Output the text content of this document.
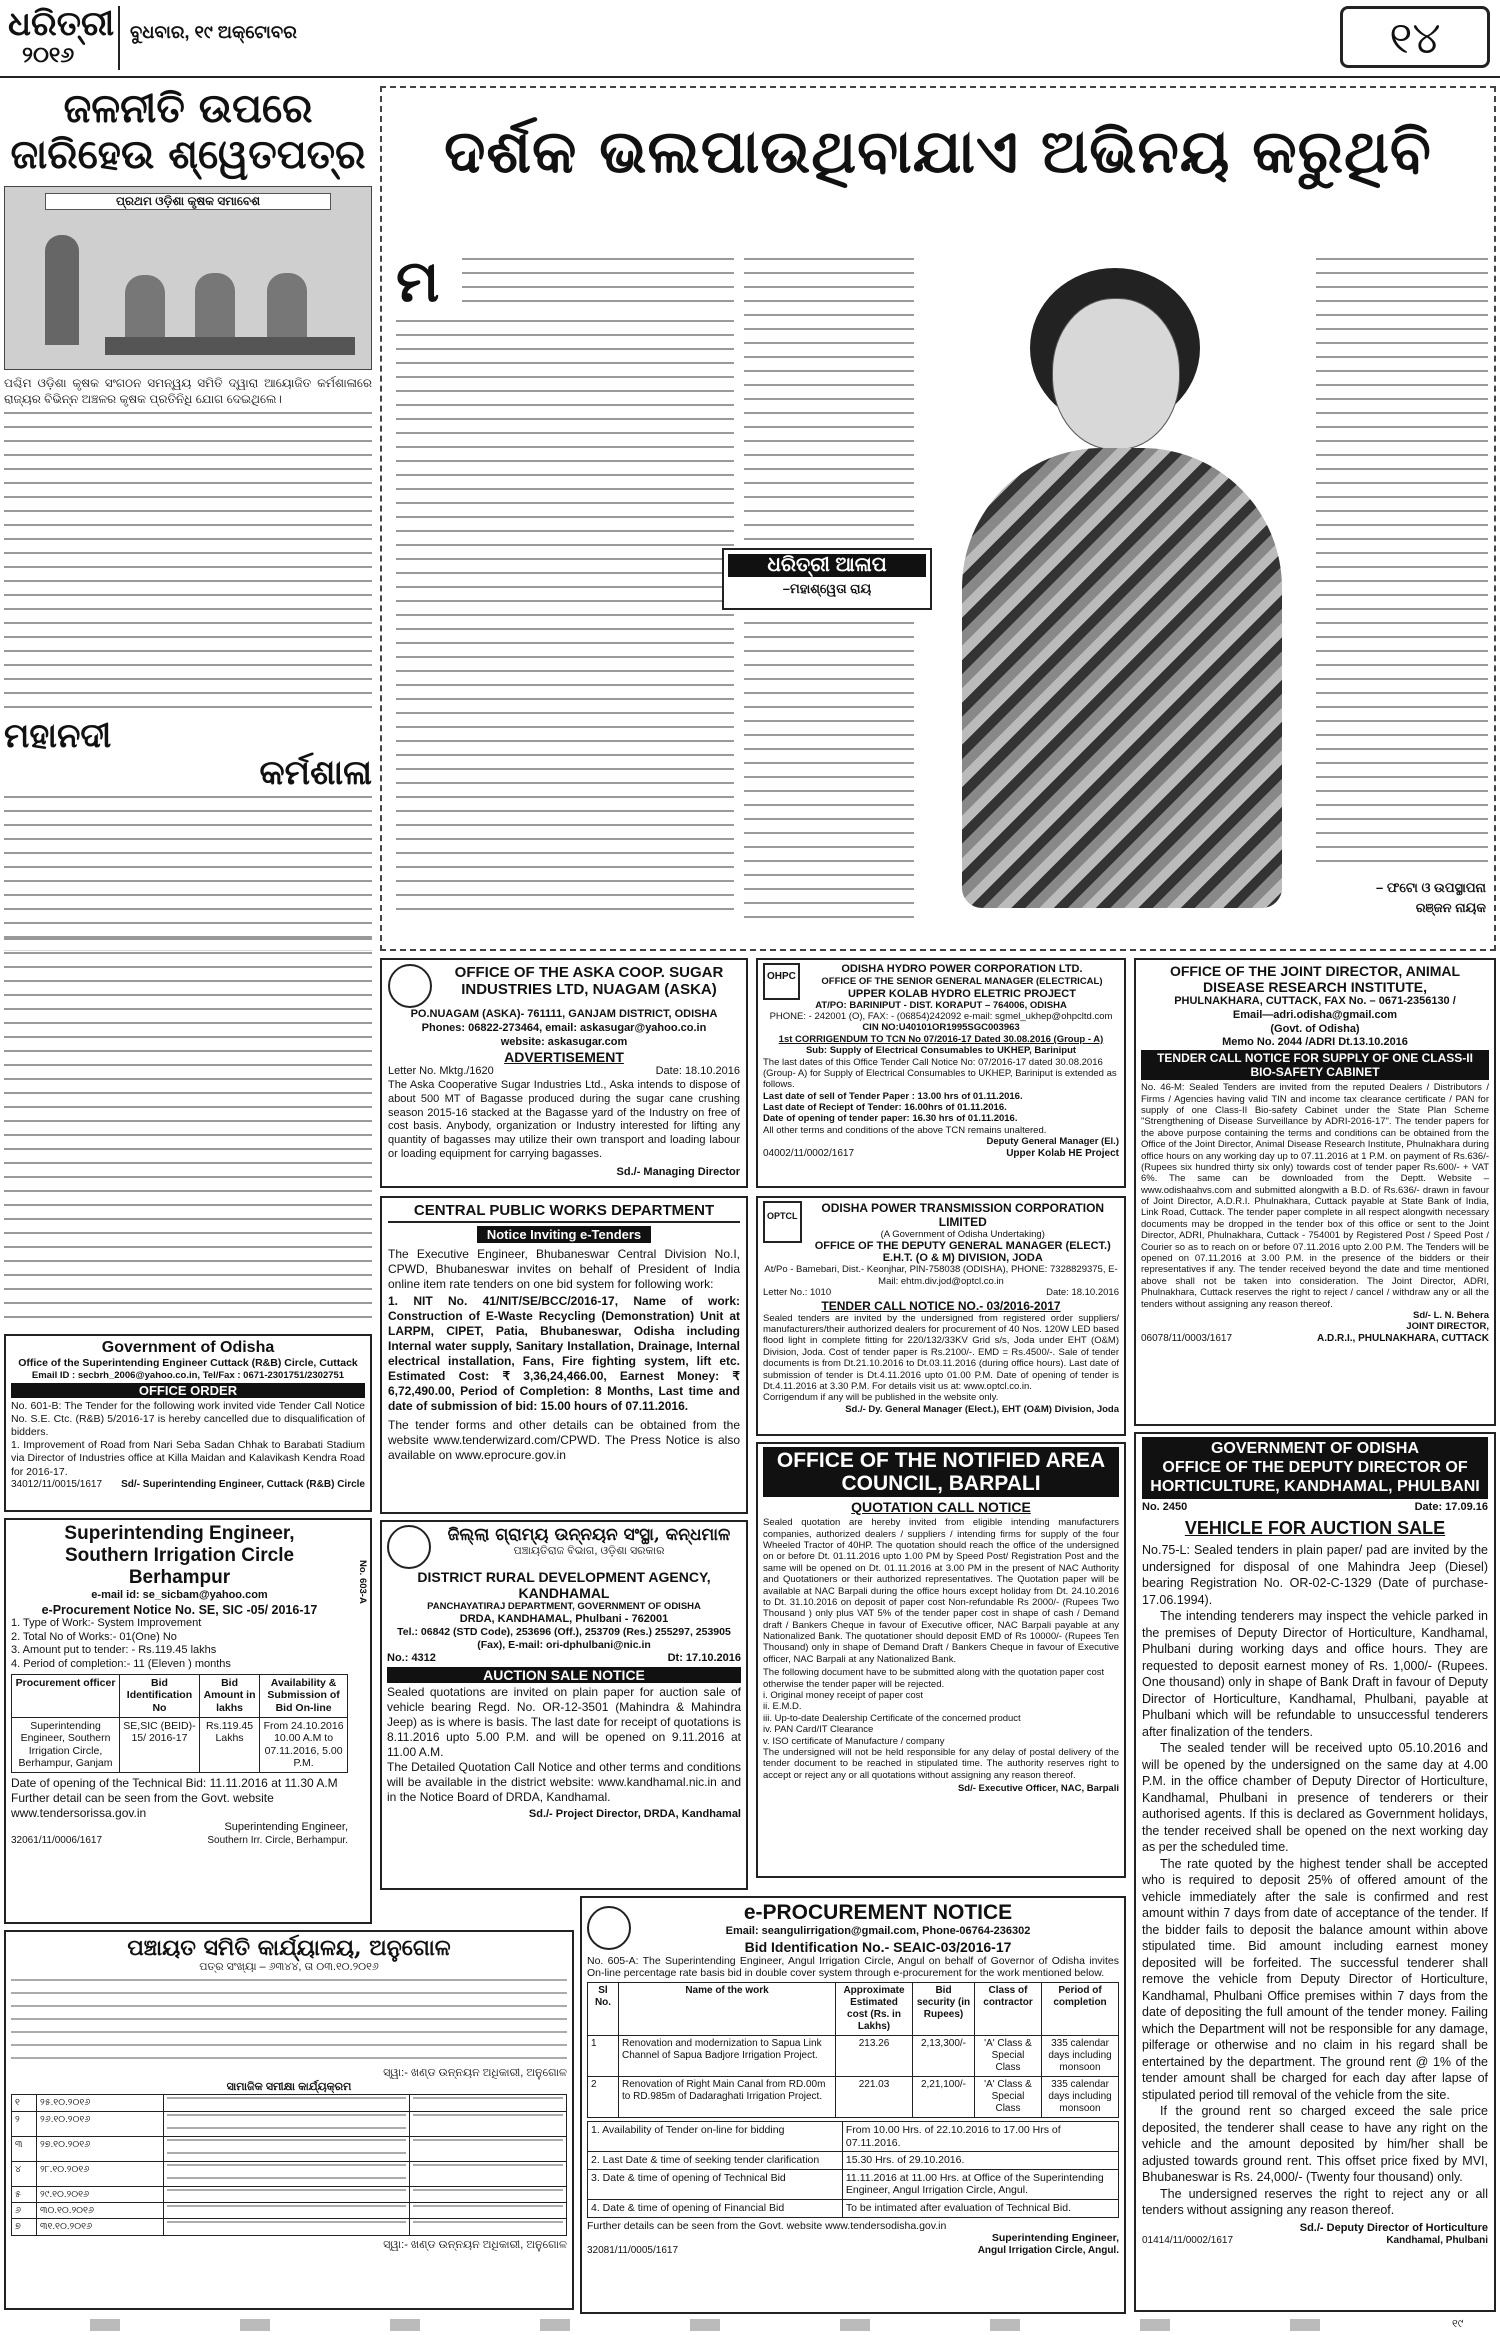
ଧରିତ୍ରୀ
୨୦୧୬
ବୁଧବାର, ୧୯ ଅକ୍ଟୋବର	୧୪
ଜଳନୀତି ଉପରେ
ଜାରିହେଉ ଶ୍ୱେତପତ୍ର
ପ୍ରଥମ ଓଡ଼ିଶା କୃଷକ ସମାବେଶ
ପଶ୍ଚିମ ଓଡ଼ିଶା କୃଷକ ସଂଗଠନ ସମନ୍ୱୟ ସମିତି ଦ୍ୱାରା ଆୟୋଜିତ କର୍ମଶାଳାରେ ରାଜ୍ୟର ବିଭିନ୍ନ ଅଞ୍ଚଳର କୃଷକ ପ୍ରତିନିଧି ଯୋଗ ଦେଇଥିଲେ।
ମହାନଦୀ
କର୍ମଶାଳା
ଦର୍ଶକ ଭଲପାଉଥିବାଯାଏ ଅଭିନୟ କରୁଥିବି
ମ
ଧରିତ୍ରୀ ଆଳାପ
–ମହାଶ୍ୱେତା ରାୟ
– ଫଟୋ ଓ ଉପସ୍ଥାପନା
ରଞ୍ଜନ ନାୟକ
OFFICE OF THE ASKA COOP. SUGAR INDUSTRIES LTD, NUAGAM (ASKA)
PO.NUAGAM (ASKA)- 761111, GANJAM DISTRICT, ODISHA
Phones: 06822-273464, email: askasugar@yahoo.co.in
website: askasugar.com
ADVERTISEMENT
Letter No. Mktg./1620	Date: 18.10.2016
The Aska Cooperative Sugar Industries Ltd., Aska intends to dispose of about 500 MT of Bagasse produced during the sugar cane crushing season 2015-16 stacked at the Bagasse yard of the Industry on free of cost basis. Anybody, organization or Industry interested for lifting any quantity of bagasses may utilize their own transport and loading labour or loading equipment for carrying bagasses.
Sd./- Managing Director
OHPC
ODISHA HYDRO POWER CORPORATION LTD.
OFFICE OF THE SENIOR GENERAL MANAGER (ELECTRICAL)
UPPER KOLAB HYDRO ELETRIC PROJECT
AT/PO: BARINIPUT - DIST. KORAPUT – 764006, ODISHA
PHONE: - 242001 (O), FAX: - (06854)242092 e-mail: sgmel_ukhep@ohpcltd.com
CIN NO:U40101OR1995SGC003963
1st CORRIGENDUM TO TCN No 07/2016-17 Dated 30.08.2016 (Group - A)
Sub: Supply of Electrical Consumables to UKHEP, Bariniput
The last dates of this Office Tender Call Notice No: 07/2016-17 dated 30.08.2016 (Group- A) for Supply of Electrical Consumables to UKHEP, Bariniput is extended as follows.
Last date of sell of Tender Paper : 13.00 hrs of 01.11.2016.
Last date of Reciept of Tender: 16.00hrs of 01.11.2016.
Date of opening of tender paper: 16.30 hrs of 01.11.2016.
All other terms and conditions of the above TCN remains unaltered.
Deputy General Manager (El.)
04002/11/0002/1617	Upper Kolab HE Project
OFFICE OF THE JOINT DIRECTOR, ANIMAL DISEASE RESEARCH INSTITUTE,
PHULNAKHARA, CUTTACK, FAX No. – 0671-2356130 /
Email—adri.odisha@gmail.com
(Govt. of Odisha)
Memo No. 2044 /ADRI Dt.13.10.2016
TENDER CALL NOTICE FOR SUPPLY OF ONE CLASS-II BIO-SAFETY CABINET
No. 46-M: Sealed Tenders are invited from the reputed Dealers / Distributors / Firms / Agencies having valid TIN and income tax clearance certificate / PAN for supply of one Class-II Bio-safety Cabinet under the State Plan Scheme "Strengthening of Disease Surveillance by ADRI-2016-17". The tender papers for the above purpose containing the terms and conditions can be obtained from the Office of the Joint Director, Animal Disease Research Institute, Phulnakhara during office hours on any working day up to 07.11.2016 at 1 P.M. on payment of Rs.636/- (Rupees six hundred thirty six only) towards cost of tender paper Rs.600/- + VAT 6%. The same can be downloaded from the Deptt. Website – www.odishaahvs.com and submitted alongwith a B.D. of Rs.636/- drawn in favour of Joint Director, A.D.R.I. Phulnakhara, Cuttack payable at State Bank of India, Link Road, Cuttack. The tender paper complete in all respect alongwith necessary documents may be dropped in the tender box of this office or sent to the Joint Director, ADRI, Phulnakhara, Cuttack - 754001 by Registered Post / Speed Post / Courier so as to reach on or before 07.11.2016 upto 2.00 P.M. The Tenders will be opened on 07.11.2016 at 3.00 P.M. in the presence of the bidders or their representatives if any. The tender received beyond the date and time mentioned above shall not be taken into consideration. The Joint Director, ADRI, Phulnakhara, Cuttack reserves the right to reject / cancel / withdraw any or all the tenders without assigning any reason thereof.
Sd/- L. N. Behera
JOINT DIRECTOR,
06078/11/0003/1617	A.D.R.I., PHULNAKHARA, CUTTACK
CENTRAL PUBLIC WORKS DEPARTMENT
Notice Inviting e-Tenders
The Executive Engineer, Bhubaneswar Central Division No.I, CPWD, Bhubaneswar invites on behalf of President of India online item rate tenders on one bid system for following work:
1. NIT No. 41/NIT/SE/BCC/2016-17, Name of work: Construction of E-Waste Recycling (Demonstration) Unit at LARPM, CIPET, Patia, Bhubaneswar, Odisha including Internal water supply, Sanitary Installation, Drainage, Internal electrical installation, Fans, Fire fighting system, lift etc. Estimated Cost: ₹ 3,36,24,466.00, Earnest Money: ₹ 6,72,490.00, Period of Completion: 8 Months, Last time and date of submission of bid: 15.00 hours of 07.11.2016.
The tender forms and other details can be obtained from the website www.tenderwizard.com/CPWD. The Press Notice is also available on www.eprocure.gov.in
OPTCL
ODISHA POWER TRANSMISSION CORPORATION LIMITED
(A Government of Odisha Undertaking)
OFFICE OF THE DEPUTY GENERAL MANAGER (ELECT.)
E.H.T. (O & M) DIVISION, JODA
At/Po - Bamebari, Dist.- Keonjhar, PIN-758038 (ODISHA), PHONE: 7328829375, E-Mail: ehtm.div.jod@optcl.co.in
Letter No.: 1010	Date: 18.10.2016
TENDER CALL NOTICE NO.- 03/2016-2017
Sealed tenders are invited by the undersigned from registered order suppliers/ manufacturers/their authorized dealers for procurement of 40 Nos. 120W LED based flood light in complete fitting for 220/132/33KV Grid s/s, Joda under EHT (O&M) Division, Joda. Cost of tender paper is Rs.2100/-. EMD = Rs.4500/-. Sale of tender documents is from Dt.21.10.2016 to Dt.03.11.2016 (during office hours). Last date of submission of tender is Dt.4.11.2016 upto 01.00 P.M. Date of opening of tender is Dt.4.11.2016 at 3.30 P.M. For details visit us at: www.optcl.co.in.
Corrigendum if any will be published in the website only.
Sd./- Dy. General Manager (Elect.), EHT (O&M) Division, Joda
OFFICE OF THE NOTIFIED AREA COUNCIL, BARPALI
QUOTATION CALL NOTICE
Sealed quotation are hereby invited from eligible intending manufacturers companies, authorized dealers / suppliers / intending firms for supply of the four Wheeled Tractor of 40HP. The quotation should reach the office of the undersigned on or before Dt. 01.11.2016 upto 1.00 PM by Speed Post/ Registration Post and the same will be opened on Dt. 01.11.2016 at 3.00 PM in the present of NAC Authority and Quotationers or their authorized representatives. The Quotation paper will be available at NAC Barpali during the office hours except holiday from Dt. 24.10.2016 to Dt. 31.10.2016 on deposit of paper cost Non-refundable Rs 2000/- (Rupees Two Thousand ) only plus VAT 5% of the tender paper cost in shape of cash / Demand draft / Bankers Cheque in favour of Executive officer, NAC Barpali payable at any Nationalized Bank. The quotationer should deposit EMD of Rs 10000/- (Rupees Ten Thousand) only in shape of Demand Draft / Bankers Cheque in favour of Executive officer, NAC Barpali at any Nationalized Bank.
The following document have to be submitted along with the quotation paper cost otherwise the tender paper will be rejected.
i. Original money receipt of paper cost
ii. E.M.D.
iii. Up-to-date Dealership Certificate of the concerned product
iv. PAN Card/IT Clearance
v. ISO certificate of Manufacture / company
The undersigned will not be held responsible for any delay of postal delivery of the tender document to be reached in stipulated time. The authority reserves right to accept or reject any or all quotations without assigning any reason thereof.
Sd/- Executive Officer, NAC, Barpali
Government of Odisha
Office of the Superintending Engineer Cuttack (R&B) Circle, Cuttack
Email ID : secbrh_2006@yahoo.co.in, Tel/Fax : 0671-2301751/2302751
OFFICE ORDER
No. 601-B: The Tender for the following work invited vide Tender Call Notice No. S.E. Ctc. (R&B) 5/2016-17 is hereby cancelled due to disqualification of bidders.
1. Improvement of Road from Nari Seba Sadan Chhak to Barabati Stadium via Director of Industries office at Killa Maidan and Kalavikash Kendra Road for 2016-17.
34012/11/0015/1617 Sd/- Superintending Engineer, Cuttack (R&B) Circle
No. 603-A
Superintending Engineer,
Southern Irrigation Circle
Berhampur
e-mail id: se_sicbam@yahoo.com
e-Procurement Notice No. SE, SIC -05/ 2016-17
1. Type of Work:- System Improvement
2. Total No of Works:- 01(One) No
3. Amount put to tender: - Rs.119.45 lakhs
4. Period of completion:- 11 (Eleven ) months
Procurement officer	Bid Identification No	Bid Amount in lakhs	Availability & Submission of Bid On-line
Superintending Engineer, Southern Irrigation Circle, Berhampur, Ganjam	SE,SIC (BEID)- 15/ 2016-17	Rs.119.45 Lakhs	From 24.10.2016 10.00 A.M to 07.11.2016, 5.00 P.M.
Date of opening of the Technical Bid: 11.11.2016 at 11.30 A.M
Further detail can be seen from the Govt. website www.tendersorissa.gov.in
Superintending Engineer,
32061/11/0006/1617	Southern Irr. Circle, Berhampur.
ଜିଲ୍ଲା ଗ୍ରାମ୍ୟ ଉନ୍ନୟନ ସଂସ୍ଥା, କନ୍ଧମାଳ
ପଞ୍ଚାୟତିରାଜ ବିଭାଗ, ଓଡ଼ିଶା ସରକାର
DISTRICT RURAL DEVELOPMENT AGENCY, KANDHAMAL
PANCHAYATIRAJ DEPARTMENT, GOVERNMENT OF ODISHA
DRDA, KANDHAMAL, Phulbani - 762001
Tel.: 06842 (STD Code), 253696 (Off.), 253709 (Res.) 255297, 253905 (Fax), E-mail: ori-dphulbani@nic.in
No.: 4312	Dt: 17.10.2016
AUCTION SALE NOTICE
Sealed quotations are invited on plain paper for auction sale of vehicle bearing Regd. No. OR-12-3501 (Mahindra & Mahindra Jeep) as is where is basis. The last date for receipt of quotations is 8.11.2016 upto 5.00 P.M. and will be opened on 9.11.2016 at 11.00 A.M.
The Detailed Quotation Call Notice and other terms and conditions will be available in the district website: www.kandhamal.nic.in and in the Notice Board of DRDA, Kandhamal.
Sd./- Project Director, DRDA, Kandhamal
GOVERNMENT OF ODISHA
OFFICE OF THE DEPUTY DIRECTOR OF HORTICULTURE, KANDHAMAL, PHULBANI
No. 2450	Date: 17.09.16
VEHICLE FOR AUCTION SALE
No.75-L: Sealed tenders in plain paper/ pad are invited by the undersigned for disposal of one Mahindra Jeep (Diesel) bearing Registration No. OR-02-C-1329 (Date of purchase- 17.06.1994).
The intending tenderers may inspect the vehicle parked in the premises of Deputy Director of Horticulture, Kandhamal, Phulbani during working days and office hours. They are requested to deposit earnest money of Rs. 1,000/- (Rupees. One thousand) only in shape of Bank Draft in favour of Deputy Director of Horticulture, Kandhamal, Phulbani, payable at Phulbani which will be refundable to unsuccessful tenderers after finalization of the tenders.
The sealed tender will be received upto 05.10.2016 and will be opened by the undersigned on the same day at 4.00 P.M. in the office chamber of Deputy Director of Horticulture, Kandhamal, Phulbani in presence of tenderers or their authorised agents. If this is declared as Government holidays, the tender received shall be opened on the next working day as per the scheduled time.
The rate quoted by the highest tender shall be accepted who is required to deposit 25% of offered amount of the vehicle immediately after the sale is confirmed and rest amount within 7 days from date of acceptance of the tender. If the bidder fails to deposit the balance amount within above stipulated time. Bid amount including earnest money deposited will be forfeited. The successful tenderer shall remove the vehicle from Deputy Director of Horticulture, Kandhamal, Phulbani Office premises within 7 days from the date of depositing the full amount of the tender money. Failing which the Department will not be responsible for any damage, pilferage or otherwise and no claim in his regard shall be entertained by the department. The ground rent @ 1% of the tender amount shall be charged for each day after lapse of stipulated period till removal of the vehicle from the site.
If the ground rent so charged exceed the sale price deposited, the tenderer shall cease to have any right on the vehicle and the amount deposited by him/her shall be adjusted towards ground rent. This offset price fixed by MVI, Bhubaneswar is Rs. 24,000/- (Twenty four thousand) only.
The undersigned reserves the right to reject any or all tenders without assigning any reason thereof.
Sd./- Deputy Director of Horticulture
01414/11/0002/1617	Kandhamal, Phulbani
ପଞ୍ଚାୟତ ସମିତି କାର୍ଯ୍ୟାଳୟ, ଅନୁଗୋଳ
ପତ୍ର ସଂଖ୍ୟା – ୬୩୪୪, ତା ୦୩.୧୦.୨୦୧୬
ସ୍ୱା:- ଖଣ୍ଡ ଉନ୍ନୟନ ଅଧିକାରୀ, ଅନୁଗୋଳ
ସାମାଜିକ ସମୀକ୍ଷା କାର୍ଯ୍ୟକ୍ରମ
୧	୨୫.୧୦.୨୦୧୬	

୨	୨୬.୧୦.୨୦୧୬	

୩	୨୭.୧୦.୨୦୧୬	

୪	୨୮.୧୦.୨୦୧୬	

୫	୨୯.୧୦.୨୦୧୬	

୬	୩୦.୧୦.୨୦୧୬	

୭	୩୧.୧୦.୨୦୧୬	

ସ୍ୱା:- ଖଣ୍ଡ ଉନ୍ନୟନ ଅଧିକାରୀ, ଅନୁଗୋଳ
e-PROCUREMENT NOTICE
Email: seangulirrigation@gmail.com, Phone-06764-236302
Bid Identification No.- SEAIC-03/2016-17
No. 605-A: The Superintending Engineer, Angul Irrigation Circle, Angul on behalf of Governor of Odisha invites On-line percentage rate basis bid in double cover system through e-procurement for the work mentioned below.
Sl No.	Name of the work	Approximate Estimated cost (Rs. in Lakhs)	Bid security (in Rupees)	Class of contractor	Period of completion
1	Renovation and modernization to Sapua Link Channel of Sapua Badjore Irrigation Project.	213.26	2,13,300/-	'A' Class & Special Class	335 calendar days including monsoon
2	Renovation of Right Main Canal from RD.00m to RD.985m of Dadaraghati Irrigation Project.	221.03	2,21,100/-	'A' Class & Special Class	335 calendar days including monsoon
1. Availability of Tender on-line for bidding	From 10.00 Hrs. of 22.10.2016 to 17.00 Hrs of 07.11.2016.
2. Last Date & time of seeking tender clarification	15.30 Hrs. of 29.10.2016.
3. Date & time of opening of Technical Bid	11.11.2016 at 11.00 Hrs. at Office of the Superintending Engineer, Angul Irrigation Circle, Angul.
4. Date & time of opening of Financial Bid	To be intimated after evaluation of Technical Bid.
Further details can be seen from the Govt. website www.tendersodisha.gov.in
Superintending Engineer,
32081/11/0005/1617	Angul Irrigation Circle, Angul.
୧୯
